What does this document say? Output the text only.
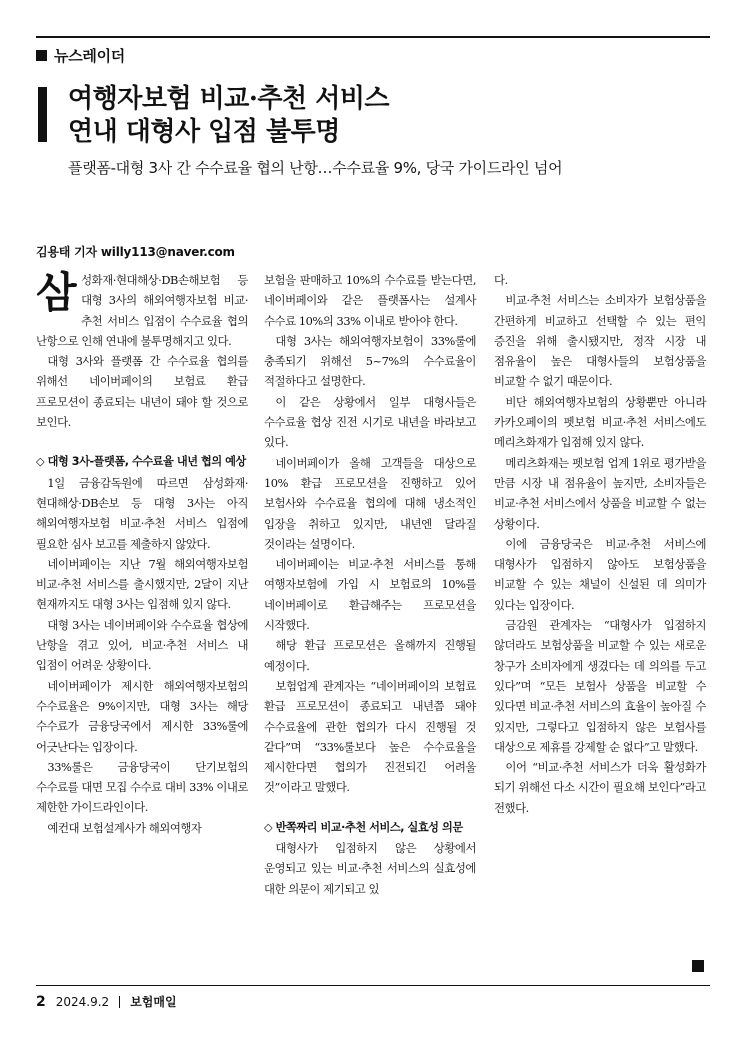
뉴스레이더
여행자보험 비교·추천 서비스
연내 대형사 입점 불투명
플랫폼-대형 3사 간 수수료율 협의 난항…수수료율 9%, 당국 가이드라인 넘어
김용태 기자 willy113@naver.com

삼성화재·현대해상·DB손해보험 등 대형 3사의 해외여행자보험 비교·추천 서비스 입점이 수수료율 협의 난항으로 인해 연내에 불투명해지고 있다.

대형 3사와 플랫폼 간 수수료율 협의를 위해선 네이버페이의 보험료 환급 프로모션이 종료되는 내년이 돼야 할 것으로 보인다.

◇ 대형 3사-플랫폼, 수수료율 내년 협의 예상

1일 금융감독원에 따르면 삼성화재·현대해상·DB손보 등 대형 3사는 아직 해외여행자보험 비교·추천 서비스 입점에 필요한 심사 보고를 제출하지 않았다.

네이버페이는 지난 7월 해외여행자보험 비교·추천 서비스를 출시했지만, 2달이 지난 현재까지도 대형 3사는 입점해 있지 않다.

대형 3사는 네이버페이와 수수료율 협상에 난항을 겪고 있어, 비교·추천 서비스 내 입점이 어려운 상황이다.

네이버페이가 제시한 해외여행자보험의 수수료율은 9%이지만, 대형 3사는 해당 수수료가 금융당국에서 제시한 33%룰에 어긋난다는 입장이다.

33%룰은 금융당국이 단기보험의 수수료를 대면 모집 수수료 대비 33% 이내로 제한한 가이드라인이다.

예컨대 보험설계사가 해외여행자

보험을 판매하고 10%의 수수료를 받는다면, 네이버페이와 같은 플랫폼사는 설계사 수수료 10%의 33% 이내로 받아야 한다.

대형 3사는 해외여행자보험이 33%룰에 충족되기 위해선 5~7%의 수수료율이 적절하다고 설명한다.

이 같은 상황에서 일부 대형사들은 수수료율 협상 진전 시기로 내년을 바라보고 있다.

네이버페이가 올해 고객들을 대상으로 10% 환급 프로모션을 진행하고 있어 보험사와 수수료율 협의에 대해 냉소적인 입장을 취하고 있지만, 내년엔 달라질 것이라는 설명이다.

네이버페이는 비교·추천 서비스를 통해 여행자보험에 가입 시 보험료의 10%를 네이버페이로 환급해주는 프로모션을 시작했다.

해당 환급 프로모션은 올해까지 진행될 예정이다.

보험업계 관계자는 “네이버페이의 보험료 환급 프로모션이 종료되고 내년쯤 돼야 수수료율에 관한 협의가 다시 진행될 것 같다”며 “33%룰보다 높은 수수료율을 제시한다면 협의가 진전되긴 어려울 것”이라고 말했다.

◇ 반쪽짜리 비교·추천 서비스, 실효성 의문

대형사가 입점하지 않은 상황에서 운영되고 있는 비교·추천 서비스의 실효성에 대한 의문이 제기되고 있

다.

비교·추천 서비스는 소비자가 보험상품을 간편하게 비교하고 선택할 수 있는 편익 증진을 위해 출시됐지만, 정작 시장 내 점유율이 높은 대형사들의 보험상품을 비교할 수 없기 때문이다.

비단 해외여행자보험의 상황뿐만 아니라 카카오페이의 펫보험 비교·추천 서비스에도 메리츠화재가 입점해 있지 않다.

메리츠화재는 펫보험 업계 1위로 평가받을 만큼 시장 내 점유율이 높지만, 소비자들은 비교·추천 서비스에서 상품을 비교할 수 없는 상황이다.

이에 금융당국은 비교·추천 서비스에 대형사가 입점하지 않아도 보험상품을 비교할 수 있는 채널이 신설된 데 의미가 있다는 입장이다.

금감원 관계자는 “대형사가 입점하지 않더라도 보험상품을 비교할 수 있는 새로운 창구가 소비자에게 생겼다는 데 의의를 두고 있다”며 “모든 보험사 상품을 비교할 수 있다면 비교·추천 서비스의 효율이 높아질 수 있지만, 그렇다고 입점하지 않은 보험사를 대상으로 제휴를 강제할 순 없다”고 말했다.

이어 “비교·추천 서비스가 더욱 활성화가 되기 위해선 다소 시간이 필요해 보인다”라고 전했다.

2 2024.9.2 보험매일
